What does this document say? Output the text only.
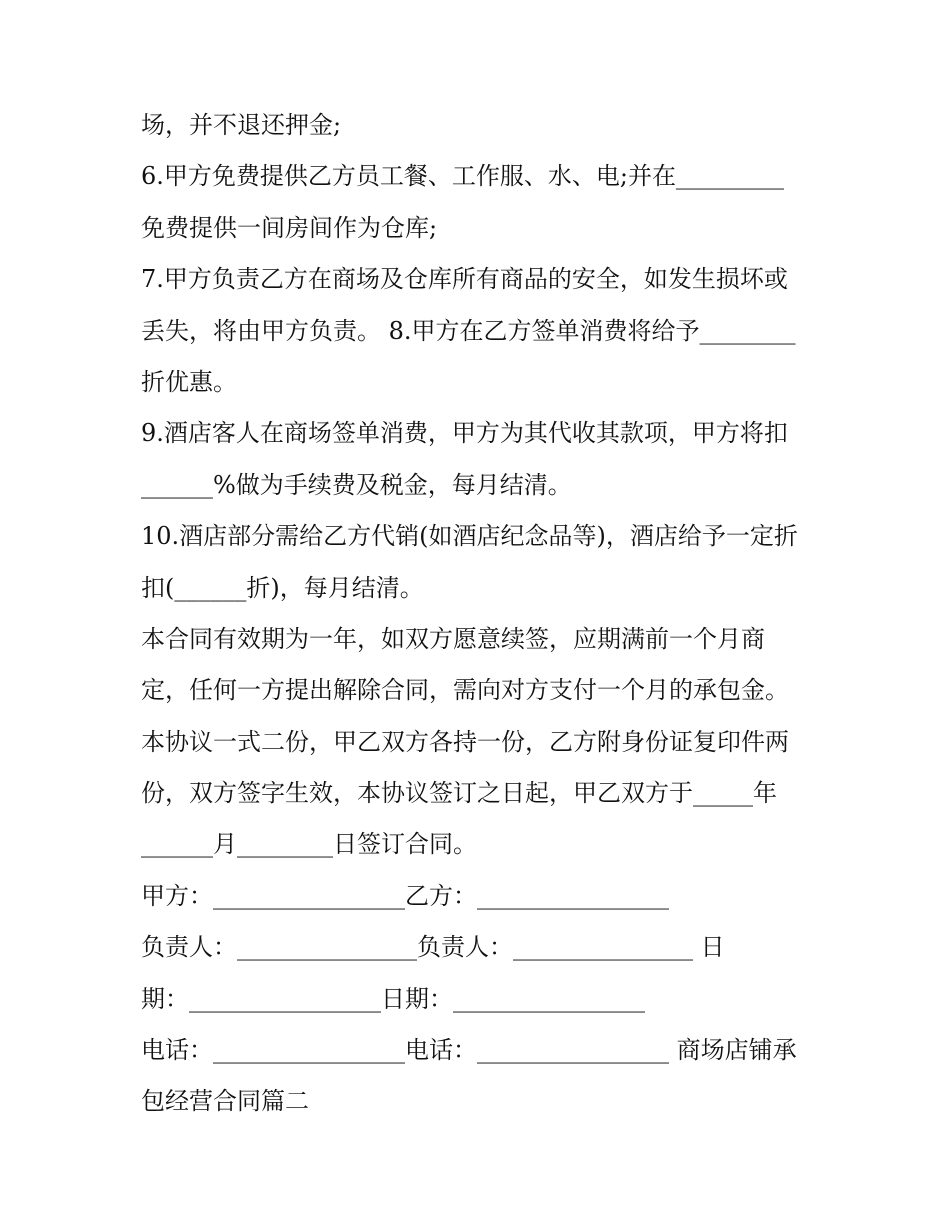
场，并不退还押金;
6.甲方免费提供乙方员工餐、工作服、水、电;并在_________
免费提供一间房间作为仓库;
7.甲方负责乙方在商场及仓库所有商品的安全，如发生损坏或
丢失，将由甲方负责。 8.甲方在乙方签单消费将给予________
折优惠。
9.酒店客人在商场签单消费，甲方为其代收其款项，甲方将扣
______%做为手续费及税金，每月结清。
10.酒店部分需给乙方代销(如酒店纪念品等)，酒店给予一定折
扣(______折)，每月结清。
本合同有效期为一年，如双方愿意续签，应期满前一个月商
定，任何一方提出解除合同，需向对方支付一个月的承包金。
本协议一式二份，甲乙双方各持一份，乙方附身份证复印件两
份，双方签字生效，本协议签订之日起，甲乙双方于_____年
______月________日签订合同。
甲方：________________乙方：________________
负责人：_______________负责人：_______________ 日
期：________________日期：________________
电话：________________电话：________________ 商场店铺承
包经营合同篇二
